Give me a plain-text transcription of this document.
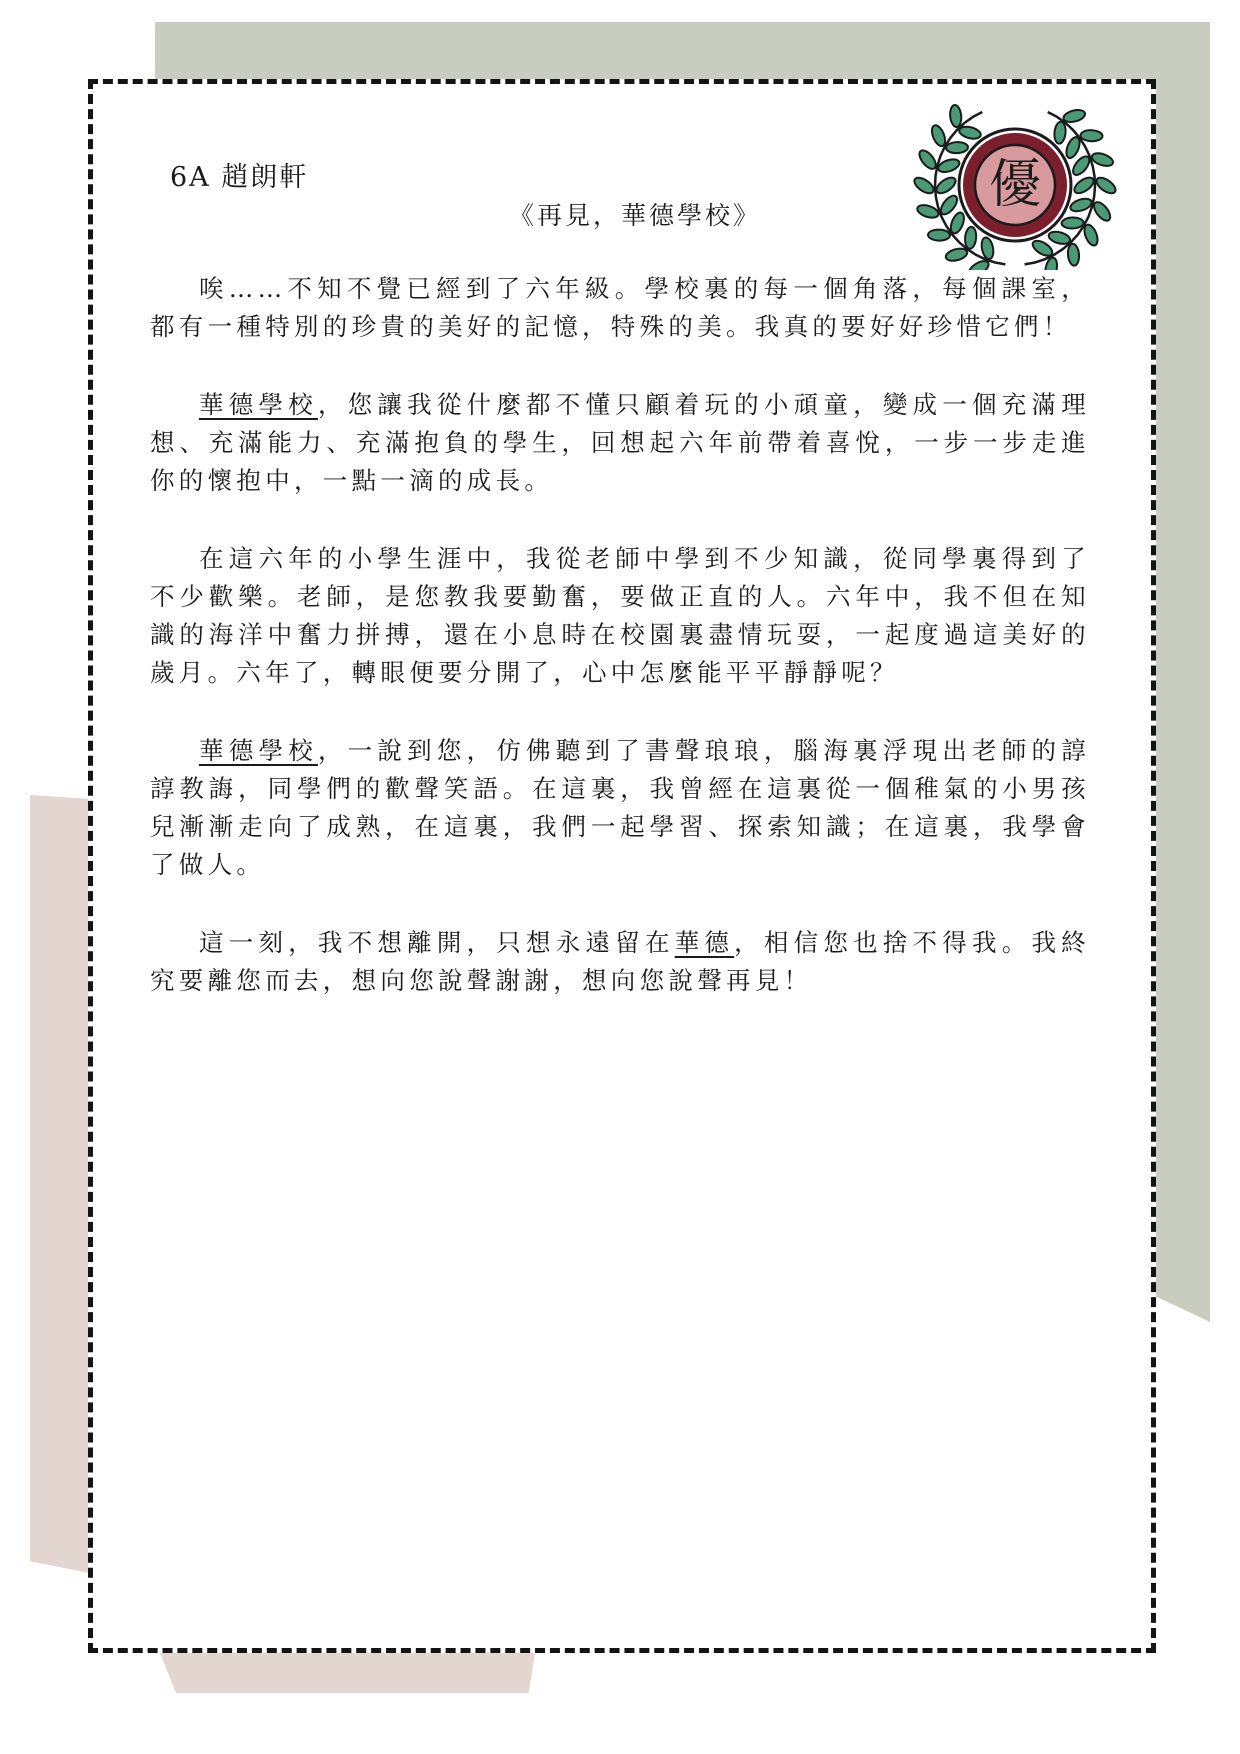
6A 趙朗軒
《再見，華德學校》
優

唉……不知不覺已經到了六年級。學校裏的每一個角落，每個課室，都有一種特別的珍貴的美好的記憶，特殊的美。我真的要好好珍惜它們！

華德學校，您讓我從什麼都不懂只顧着玩的小頑童，變成一個充滿理想、充滿能力、充滿抱負的學生，回想起六年前帶着喜悅，一步一步走進你的懷抱中，一點一滴的成長。

在這六年的小學生涯中，我從老師中學到不少知識，從同學裏得到了不少歡樂。老師，是您教我要勤奮，要做正直的人。六年中，我不但在知識的海洋中奮力拼搏，還在小息時在校園裏盡情玩耍，一起度過這美好的歲月。六年了，轉眼便要分開了，心中怎麼能平平靜靜呢？

華德學校，一說到您，仿佛聽到了書聲琅琅，腦海裏浮現出老師的諄諄教誨，同學們的歡聲笑語。在這裏，我曾經在這裏從一個稚氣的小男孩兒漸漸走向了成熟，在這裏，我們一起學習、探索知識；在這裏，我學會了做人。

這一刻，我不想離開，只想永遠留在華德，相信您也捨不得我。我終究要離您而去，想向您說聲謝謝，想向您說聲再見！
